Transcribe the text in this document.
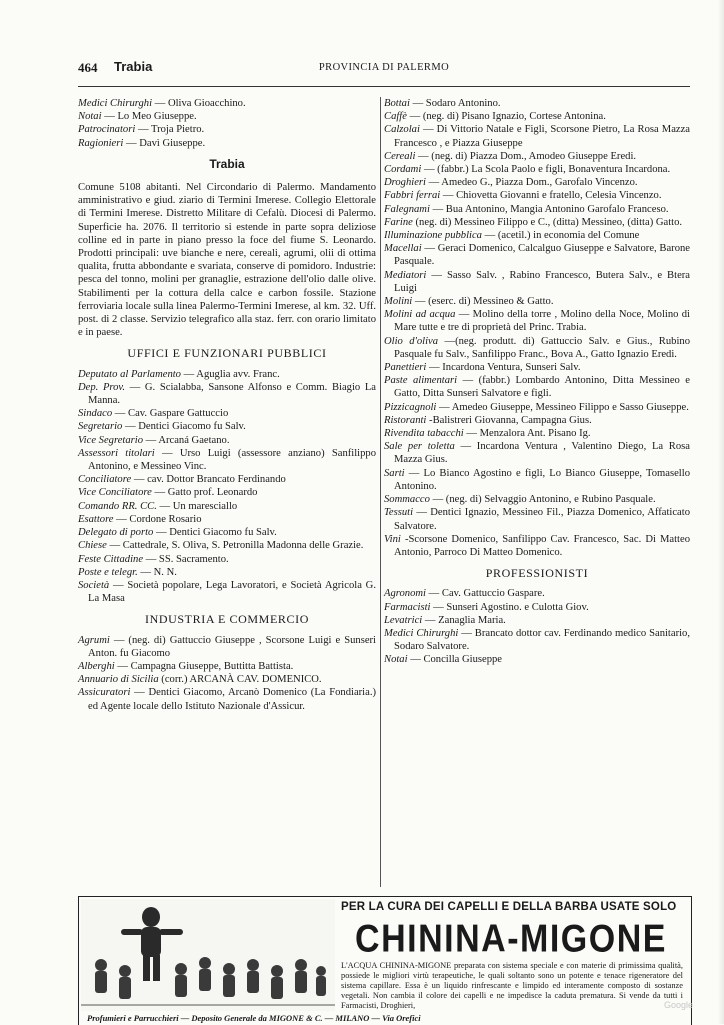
464 Trabia	PROVINCIA DI PALERMO

Medici Chirurghi — Oliva Gioacchino.

Notai — Lo Meo Giuseppe.

Patrocinatori — Troja Pietro.

Ragionieri — Davì Giuseppe.

Trabia

Comune 5108 abitanti. Nel Circondario di Palermo. Mandamento amministrativo e giud. ziario di Termini Imerese. Collegio Elettorale di Termini Imerese. Distretto Militare di Cefalù. Diocesi di Palermo. Superficie ha. 2076. Il territorio si estende in parte sopra deliziose colline ed in parte in piano presso la foce del fiume S. Leonardo. Prodotti principali: uve bianche e nere, cereali, agrumi, olii di ottima qualita, frutta abbondante e svariata, conserve di pomidoro. Industrie: pesca del tonno, molini per granaglie, estrazione dell'olio dalle olive. Stabilimenti per la cottura della calce e carbon fossile. Stazione ferroviaria locale sulla linea Palermo-Termini Imerese, al km. 32. Uff. post. di 2 classe. Servizio telegrafico alla staz. ferr. con orario limitato e in paese.

UFFICI E FUNZIONARI PUBBLICI

Deputato al Parlamento — Aguglia avv. Franc.

Dep. Prov. — G. Scialabba, Sansone Alfonso e Comm. Biagio La Manna.

Sindaco — Cav. Gaspare Gattuccio

Segretario — Dentici Giacomo fu Salv.

Vice Segretario — Arcaná Gaetano.

Assessori titolari — Urso Luigi (assessore anziano) Sanfilippo Antonino, e Messineo Vinc.

Conciliatore — cav. Dottor Brancato Ferdinando

Vice Conciliatore — Gatto prof. Leonardo

Comando RR. CC. — Un maresciallo

Esattore — Cordone Rosario

Delegato di porto — Dentici Giacomo fu Salv.

Chiese — Cattedrale, S. Oliva, S. Petronilla Madonna delle Grazie.

Feste Cittadine — SS. Sacramento.

Poste e telegr. — N. N.

Società — Società popolare, Lega Lavoratori, e Società Agricola G. La Masa

INDUSTRIA E COMMERCIO

Agrumi — (neg. di) Gattuccio Giuseppe , Scorsone Luigi e Sunseri Anton. fu Giacomo

Alberghi — Campagna Giuseppe, Buttitta Battista.

Annuario di Sicilia (corr.) ARCANÀ CAV. DOMENICO.

Assicuratori — Dentici Giacomo, Arcanò Domenico (La Fondiaria.) ed Agente locale dello Istituto Nazionale d'Assicur.

Bottai — Sodaro Antonino.

Caffè — (neg. di) Pisano Ignazio, Cortese Antonina.

Calzolai — Di Vittorio Natale e Figli, Scorsone Pietro, La Rosa Mazza Francesco , e Piazza Giuseppe

Cereali — (neg. di) Piazza Dom., Amodeo Giuseppe Eredi.

Cordami — (fabbr.) La Scola Paolo e figli, Bonaventura Incardona.

Droghieri — Amedeo G., Piazza Dom., Garofalo Vincenzo.

Fabbri ferrai — Chiovetta Giovanni e fratello, Celesia Vincenzo.

Falegnami — Bua Antonino, Mangia Antonino Garofalo Franceso.

Farine (neg. di) Messineo Filippo e C., (ditta) Messineo, (ditta) Gatto.

Illuminazione pubblica — (acetil.) in economia del Comune

Macellai — Geraci Domenico, Calcalguo Giuseppe e Salvatore, Barone Pasquale.

Mediatori — Sasso Salv. , Rabino Francesco, Butera Salv., e Btera Luigi

Molini — (eserc. di) Messineo & Gatto.

Molini ad acqua — Molino della torre , Molino della Noce, Molino di Mare tutte e tre di proprietà del Princ. Trabia.

Olio d'oliva —(neg. produtt. di) Gattuccio Salv. e Gius., Rubino Pasquale fu Salv., Sanfilippo Franc., Bova A., Gatto Ignazio Eredi.

Panettieri — Incardona Ventura, Sunseri Salv.

Paste alimentari — (fabbr.) Lombardo Antonino, Ditta Messineo e Gatto, Ditta Sunseri Salvatore e figli.

Pizzicagnoli — Amedeo Giuseppe, Messineo Filippo e Sasso Giuseppe.

Ristoranti -Balistreri Giovanna, Campagna Gius.

Rivendita tabacchi — Menzalora Ant. Pisano Ig.

Sale per toletta — Incardona Ventura , Valentino Diego, La Rosa Mazza Gius.

Sarti — Lo Bianco Agostino e figli, Lo Bianco Giuseppe, Tomasello Antonino.

Sommacco — (neg. di) Selvaggio Antonino, e Rubino Pasquale.

Tessuti — Dentici Ignazio, Messineo Fil., Piazza Domenico, Affaticato Salvatore.

Vini -Scorsone Domenico, Sanfilippo Cav. Francesco, Sac. Di Matteo Antonio, Parroco Di Matteo Domenico.

PROFESSIONISTI

Agronomi — Cav. Gattuccio Gaspare.

Farmacisti — Sunseri Agostino. e Culotta Giov.

Levatrici — Zanaglia Maria.

Medici Chirurghi — Brancato dottor cav. Ferdinando medico Sanitario, Sodaro Salvatore.

Notai — Concilla Giuseppe

PER LA CURA DEI CAPELLI E DELLA BARBA USATE SOLO
CHININA-MIGONE
L'ACQUA CHININA-MIGONE preparata con sistema speciale e con materie di primissima qualità, possiede le migliori virtù terapeutiche, le quali soltanto sono un potente e tenace rigeneratore del sistema capillare. Essa è un liquido rinfrescante e limpido ed interamente composto di sostanze vegetali. Non cambia il colore dei capelli e ne impedisce la caduta prematura. Si vende da tutti i Farmacisti, Droghieri,
Profumieri e Parrucchieri — Deposito Generale da MIGONE & C. — MILANO — Via Orefici
Google
